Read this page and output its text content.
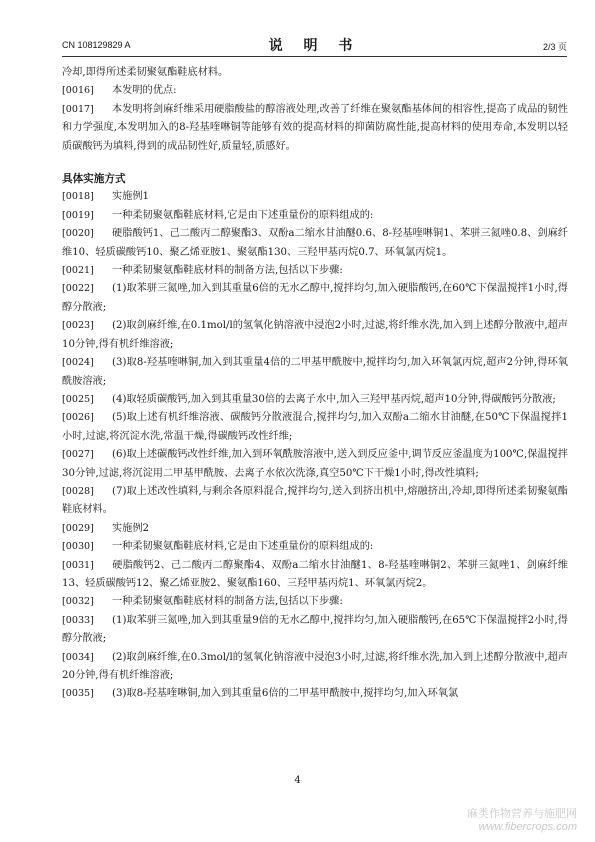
CN 108129829 A	说 明 书	2/3 页

冷却,即得所述柔韧聚氨酯鞋底材料。

[0016] 本发明的优点:

[0017] 本发明将剑麻纤维采用硬脂酸盐的醇溶液处理,改善了纤维在聚氨酯基体间的相容性,提高了成品的韧性和力学强度,本发明加入的8-羟基喹啉铜等能够有效的提高材料的抑菌防腐性能,提高材料的使用寿命,本发明以轻质碳酸钙为填料,得到的成品韧性好,质量轻,质感好。

具体实施方式

[0018] 实施例1

[0019] 一种柔韧聚氨酯鞋底材料,它是由下述重量份的原料组成的:

[0020] 硬脂酸钙1、己二酸丙二醇聚酯3、双酚a二缩水甘油醚0.6、8-羟基喹啉铜1、苯骈三氮唑0.8、剑麻纤维10、轻质碳酸钙10、聚乙烯亚胺1、聚氨酯130、三羟甲基丙烷0.7、环氧氯丙烷1。

[0021] 一种柔韧聚氨酯鞋底材料的制备方法,包括以下步骤:

[0022] (1)取苯骈三氮唑,加入到其重量6倍的无水乙醇中,搅拌均匀,加入硬脂酸钙,在60℃下保温搅拌1小时,得醇分散液;

[0023] (2)取剑麻纤维,在0.1mol/l的氢氧化钠溶液中浸泡2小时,过滤,将纤维水洗,加入到上述醇分散液中,超声10分钟,得有机纤维溶液;

[0024] (3)取8-羟基喹啉铜,加入到其重量4倍的二甲基甲酰胺中,搅拌均匀,加入环氧氯丙烷,超声2分钟,得环氧酰胺溶液;

[0025] (4)取轻质碳酸钙,加入到其重量30倍的去离子水中,加入三羟甲基丙烷,超声10分钟,得碳酸钙分散液;

[0026] (5)取上述有机纤维溶液、碳酸钙分散液混合,搅拌均匀,加入双酚a二缩水甘油醚,在50℃下保温搅拌1小时,过滤,将沉淀水洗,常温干燥,得碳酸钙改性纤维;

[0027] (6)取上述碳酸钙改性纤维,加入到环氧酰胺溶液中,送入到反应釜中,调节反应釜温度为100℃,保温搅拌30分钟,过滤,将沉淀用二甲基甲酰胺、去离子水依次洗涤,真空50℃下干燥1小时,得改性填料;

[0028] (7)取上述改性填料,与剩余各原料混合,搅拌均匀,送入到挤出机中,熔融挤出,冷却,即得所述柔韧聚氨酯鞋底材料。

[0029] 实施例2

[0030] 一种柔韧聚氨酯鞋底材料,它是由下述重量份的原料组成的:

[0031] 硬脂酸钙2、己二酸丙二醇聚酯4、双酚a二缩水甘油醚1、8-羟基喹啉铜2、苯骈三氮唑1、剑麻纤维13、轻质碳酸钙12、聚乙烯亚胺2、聚氨酯160、三羟甲基丙烷1、环氧氯丙烷2。

[0032] 一种柔韧聚氨酯鞋底材料的制备方法,包括以下步骤:

[0033] (1)取苯骈三氮唑,加入到其重量9倍的无水乙醇中,搅拌均匀,加入硬脂酸钙,在65℃下保温搅拌2小时,得醇分散液;

[0034] (2)取剑麻纤维,在0.3mol/l的氢氧化钠溶液中浸泡3小时,过滤,将纤维水洗,加入到上述醇分散液中,超声20分钟,得有机纤维溶液;

[0035] (3)取8-羟基喹啉铜,加入到其重量6倍的二甲基甲酰胺中,搅拌均匀,加入环氧氯

4
麻类作物营养与施肥网
www.fibercrops.com
